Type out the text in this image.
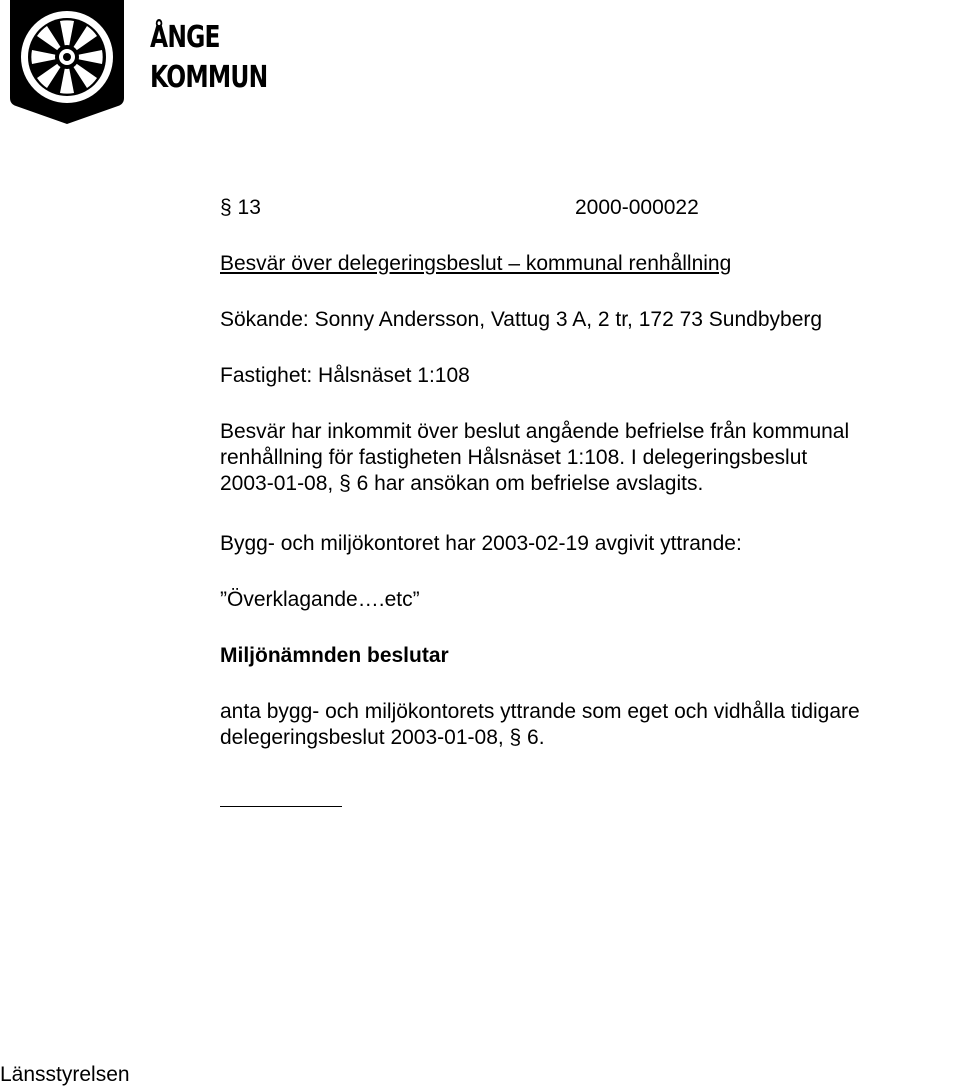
ÅNGE
KOMMUN
§ 13	2000-000022
Besvär över delegeringsbeslut – kommunal renhållning
Sökande: Sonny Andersson, Vattug 3 A, 2 tr, 172 73 Sundbyberg
Fastighet: Hålsnäset 1:108
Besvär har inkommit över beslut angående befrielse från kommunal
renhållning för fastigheten Hålsnäset 1:108. I delegeringsbeslut
2003-01-08, § 6 har ansökan om befrielse avslagits.
Bygg- och miljökontoret har 2003-02-19 avgivit yttrande:
”Överklagande….etc”
Miljönämnden beslutar
anta bygg- och miljökontorets yttrande som eget och vidhålla tidigare
delegeringsbeslut 2003-01-08, § 6.
Länsstyrelsen
